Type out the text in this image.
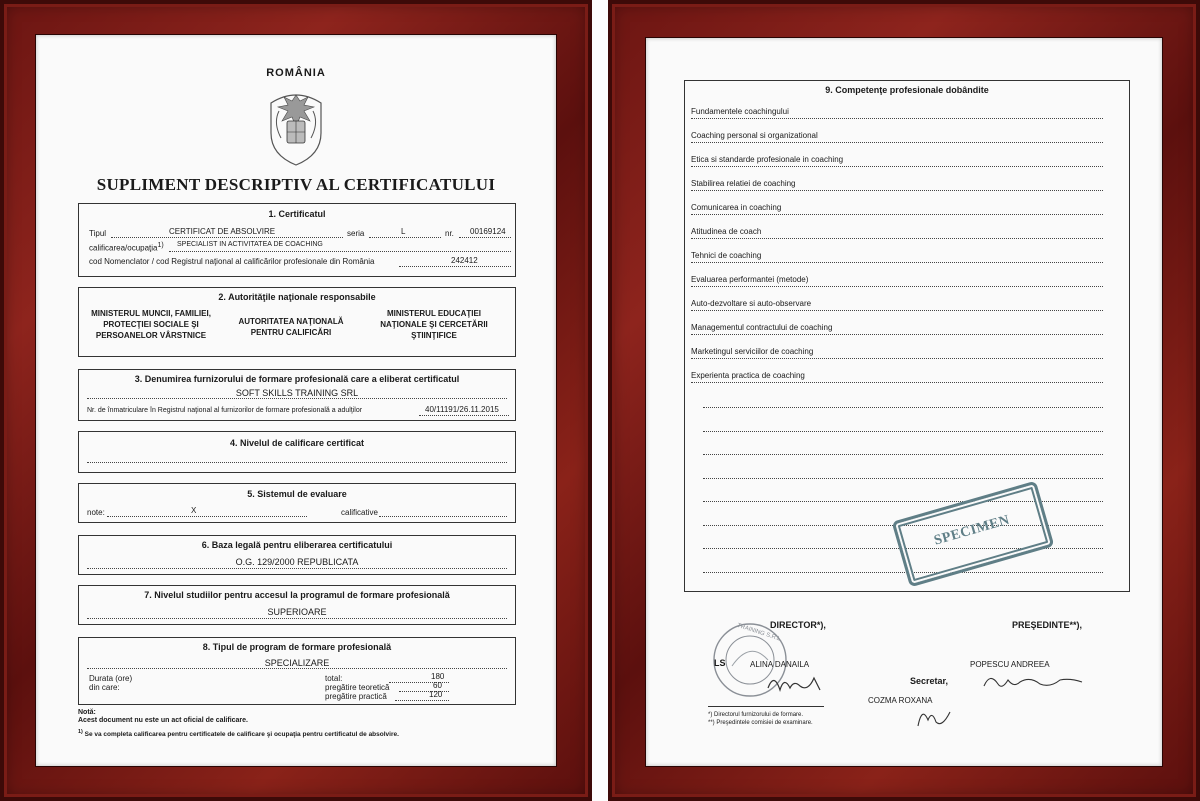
ROMÂNIA
SUPLIMENT DESCRIPTIV AL CERTIFICATULUI
1. Certificatul
Tipul	CERTIFICAT DE ABSOLVIRE	seria	L	nr. 00169124
calificarea/ocupaţia$^{1)}$ SPECIALIST IN ACTIVITATEA DE COACHING
cod Nomenclator / cod Registrul naţional al calificărilor profesionale din România	242412
2. Autorităţile naţionale responsabile
MINISTERUL MUNCII, FAMILIEI, PROTECŢIEI SOCIALE ŞI PERSOANELOR VÂRSTNICE
AUTORITATEA NAŢIONALĂ PENTRU CALIFICĂRI
MINISTERUL EDUCAŢIEI NAŢIONALE ŞI CERCETĂRII ŞTIINŢIFICE
3. Denumirea furnizorului de formare profesională care a eliberat certificatul
SOFT SKILLS TRAINING SRL
Nr. de înmatriculare în Registrul naţional al furnizorilor de formare profesională a adulţilor	40/11191/26.11.2015
4. Nivelul de calificare certificat
5. Sistemul de evaluare
note:	X	calificative
6. Baza legală pentru eliberarea certificatului
O.G. 129/2000 REPUBLICATA
7. Nivelul studiilor pentru accesul la programul de formare profesională
SUPERIOARE
8. Tipul de program de formare profesională
SPECIALIZARE
Durata (ore)
din care:
total:	180
pregătire teoretică	60
pregătire practică	120
Notă:
Acest document nu este un act oficial de calificare.
$^{1)}$ Se va completa calificarea pentru certificatele de calificare şi ocupaţia pentru certificatul de absolvire.
9. Competenţe profesionale dobândite
Fundamentele coachingului
Coaching personal si organizational
Etica si standarde profesionale in coaching
Stabilirea relatiei de coaching
Comunicarea in coaching
Atitudinea de coach
Tehnici de coaching
Evaluarea performantei (metode)
Auto-dezvoltare si auto-observare
Managementul contractului de coaching
Marketingul serviciilor de coaching
Experienta practica de coaching
SPECIMEN
DIRECTOR*),	PREŞEDINTE**),
TRAINING S.R.L.
LS	ALINA DANAILA	POPESCU ANDREEA
Secretar,
COZMA ROXANA
*) Directorul furnizorului de formare.
**) Preşedintele comisiei de examinare.
